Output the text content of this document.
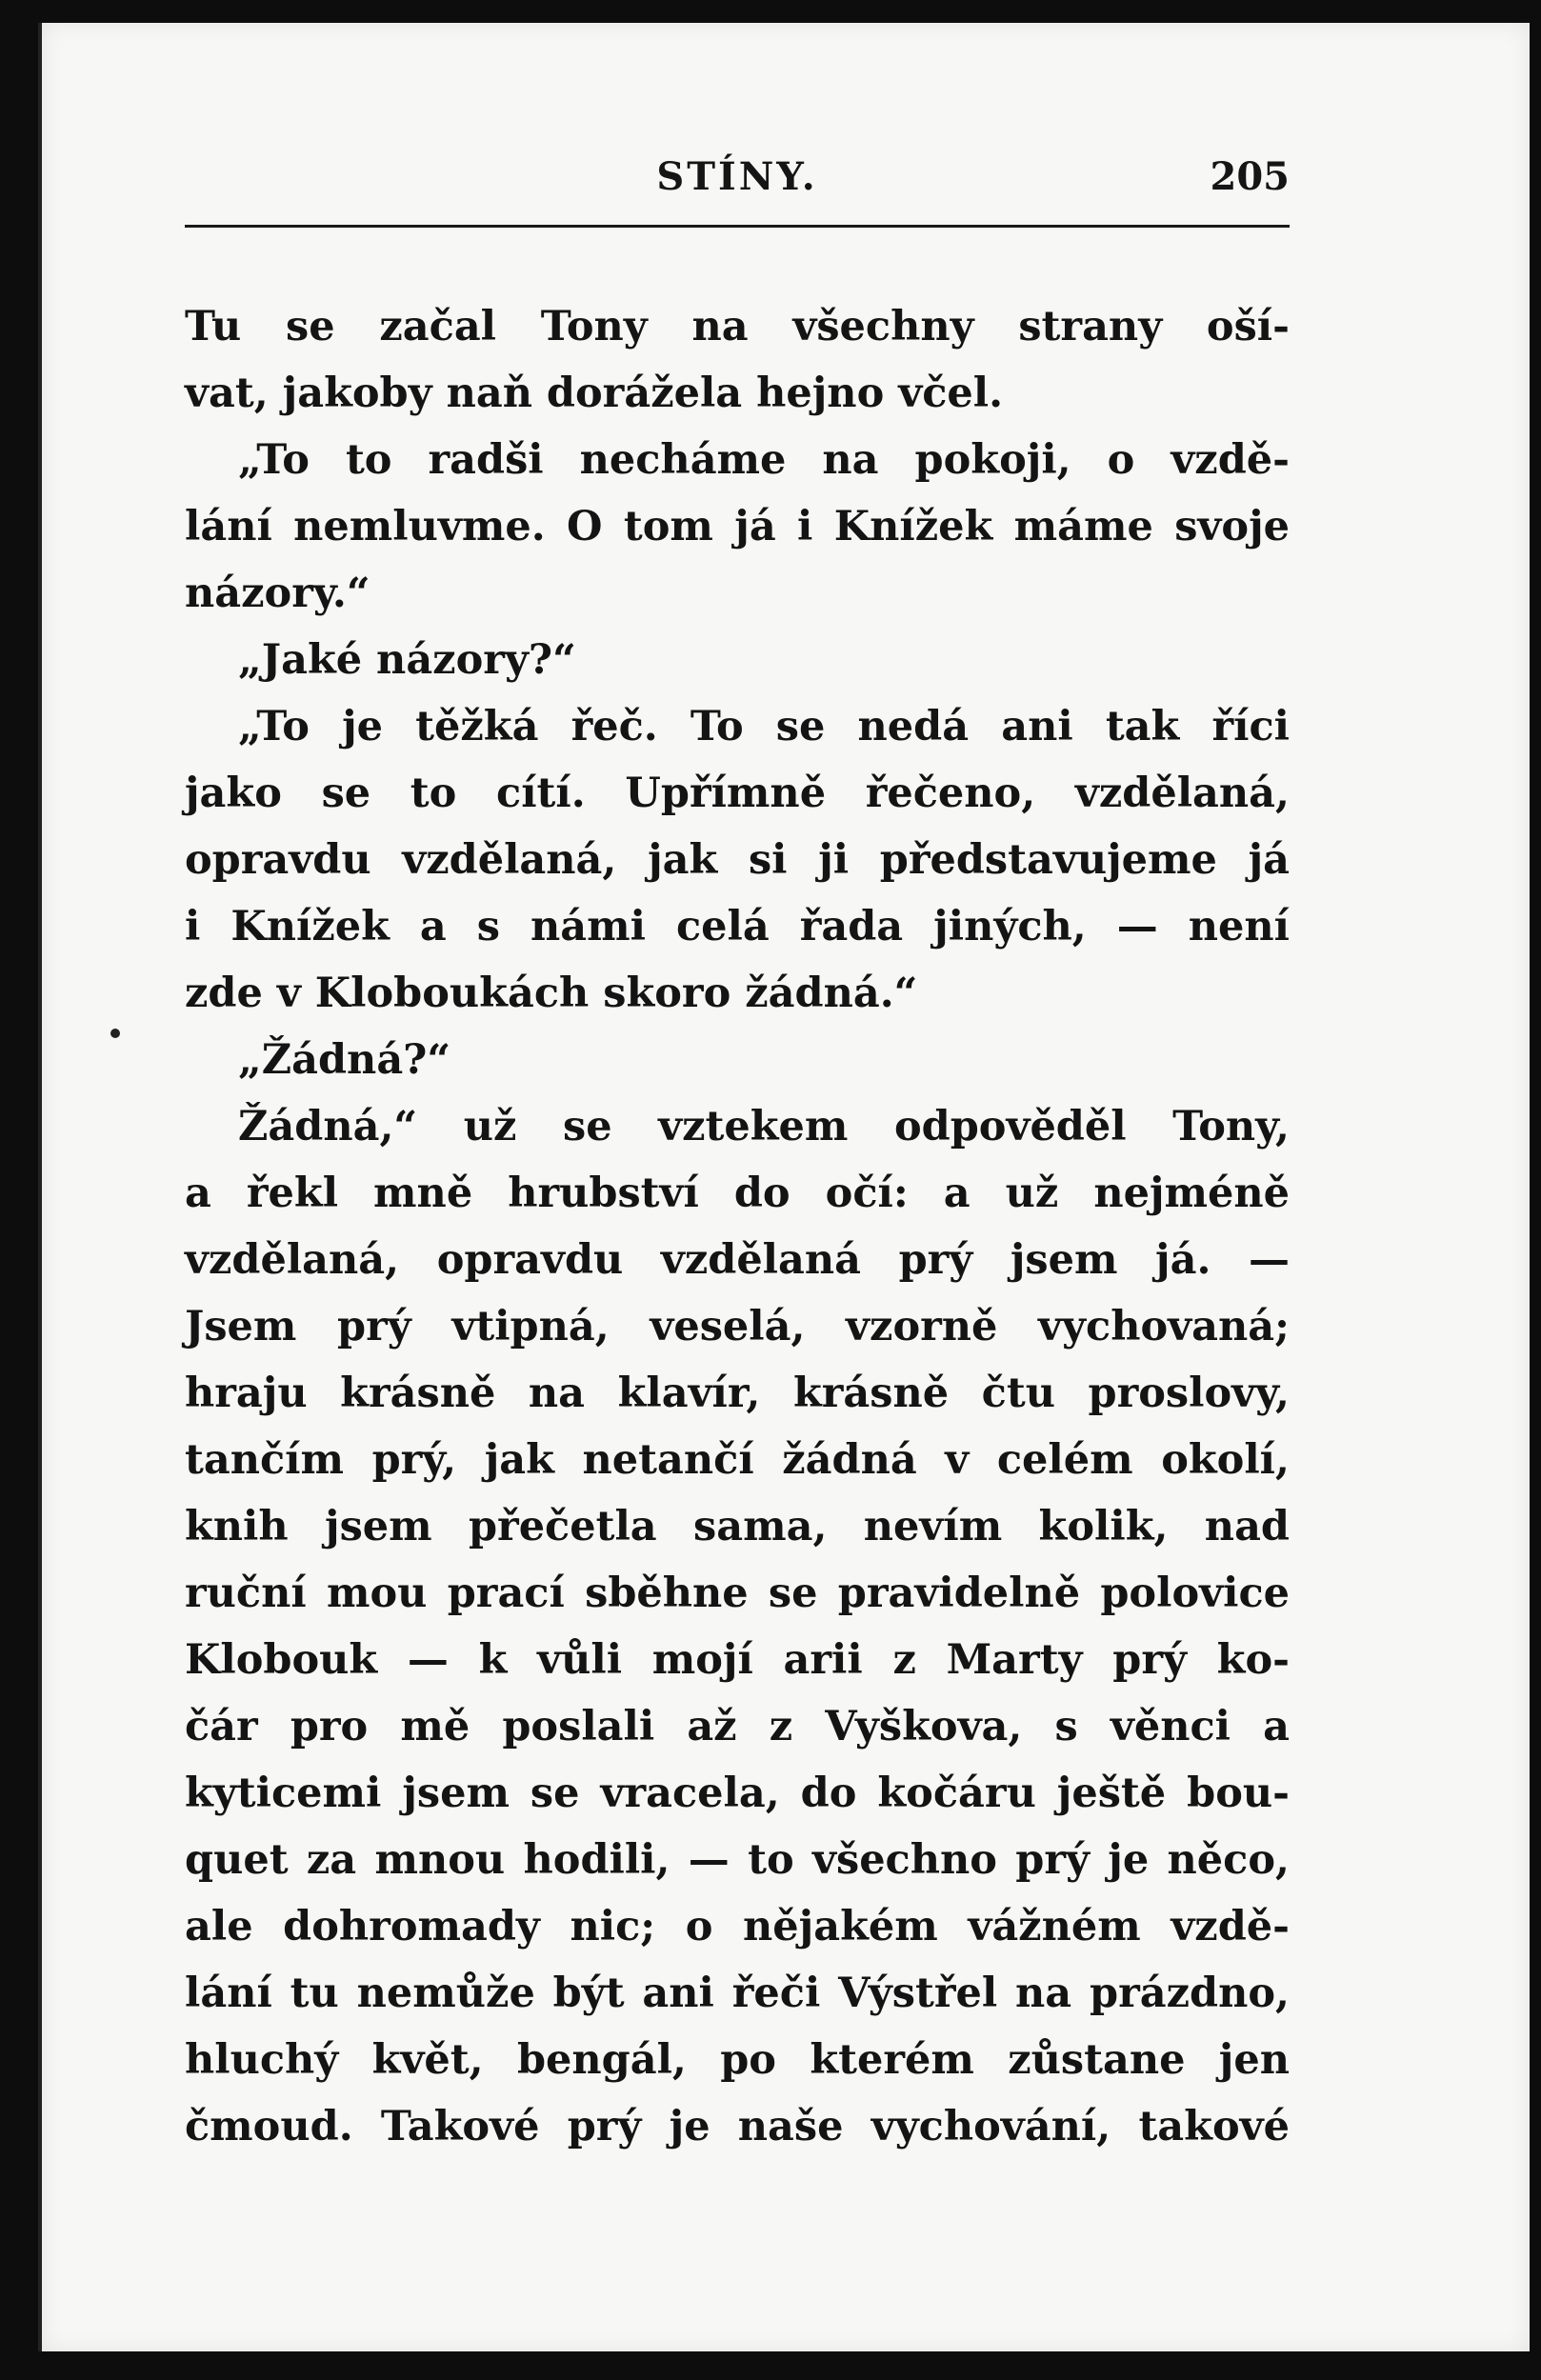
STÍNY.	205
Tu se začal Tony na všechny strany oší-
vat, jakoby naň dorážela hejno včel.
„To to radši necháme na pokoji, o vzdě-
lání nemluvme. O tom já i Knížek máme svoje
názory.“
„Jaké názory?“
„To je těžká řeč. To se nedá ani tak říci
jako se to cítí. Upřímně řečeno, vzdělaná,
opravdu vzdělaná, jak si ji představujeme já
i Knížek a s námi celá řada jiných, — není
zde v Kloboukách skoro žádná.“
„Žádná?“
Žádná,“ už se vztekem odpověděl Tony,
a řekl mně hrubství do očí: a už nejméně
vzdělaná, opravdu vzdělaná prý jsem já. —
Jsem prý vtipná, veselá, vzorně vychovaná;
hraju krásně na klavír, krásně čtu proslovy,
tančím prý, jak netančí žádná v celém okolí,
knih jsem přečetla sama, nevím kolik, nad
ruční mou prací sběhne se pravidelně polovice
Klobouk — k vůli mojí arii z Marty prý ko-
čár pro mě poslali až z Vyškova, s věnci a
kyticemi jsem se vracela, do kočáru ještě bou-
quet za mnou hodili, — to všechno prý je něco,
ale dohromady nic; o nějakém vážném vzdě-
lání tu nemůže být ani řeči Výstřel na prázdno,
hluchý květ, bengál, po kterém zůstane jen
čmoud. Takové prý je naše vychování, takové
